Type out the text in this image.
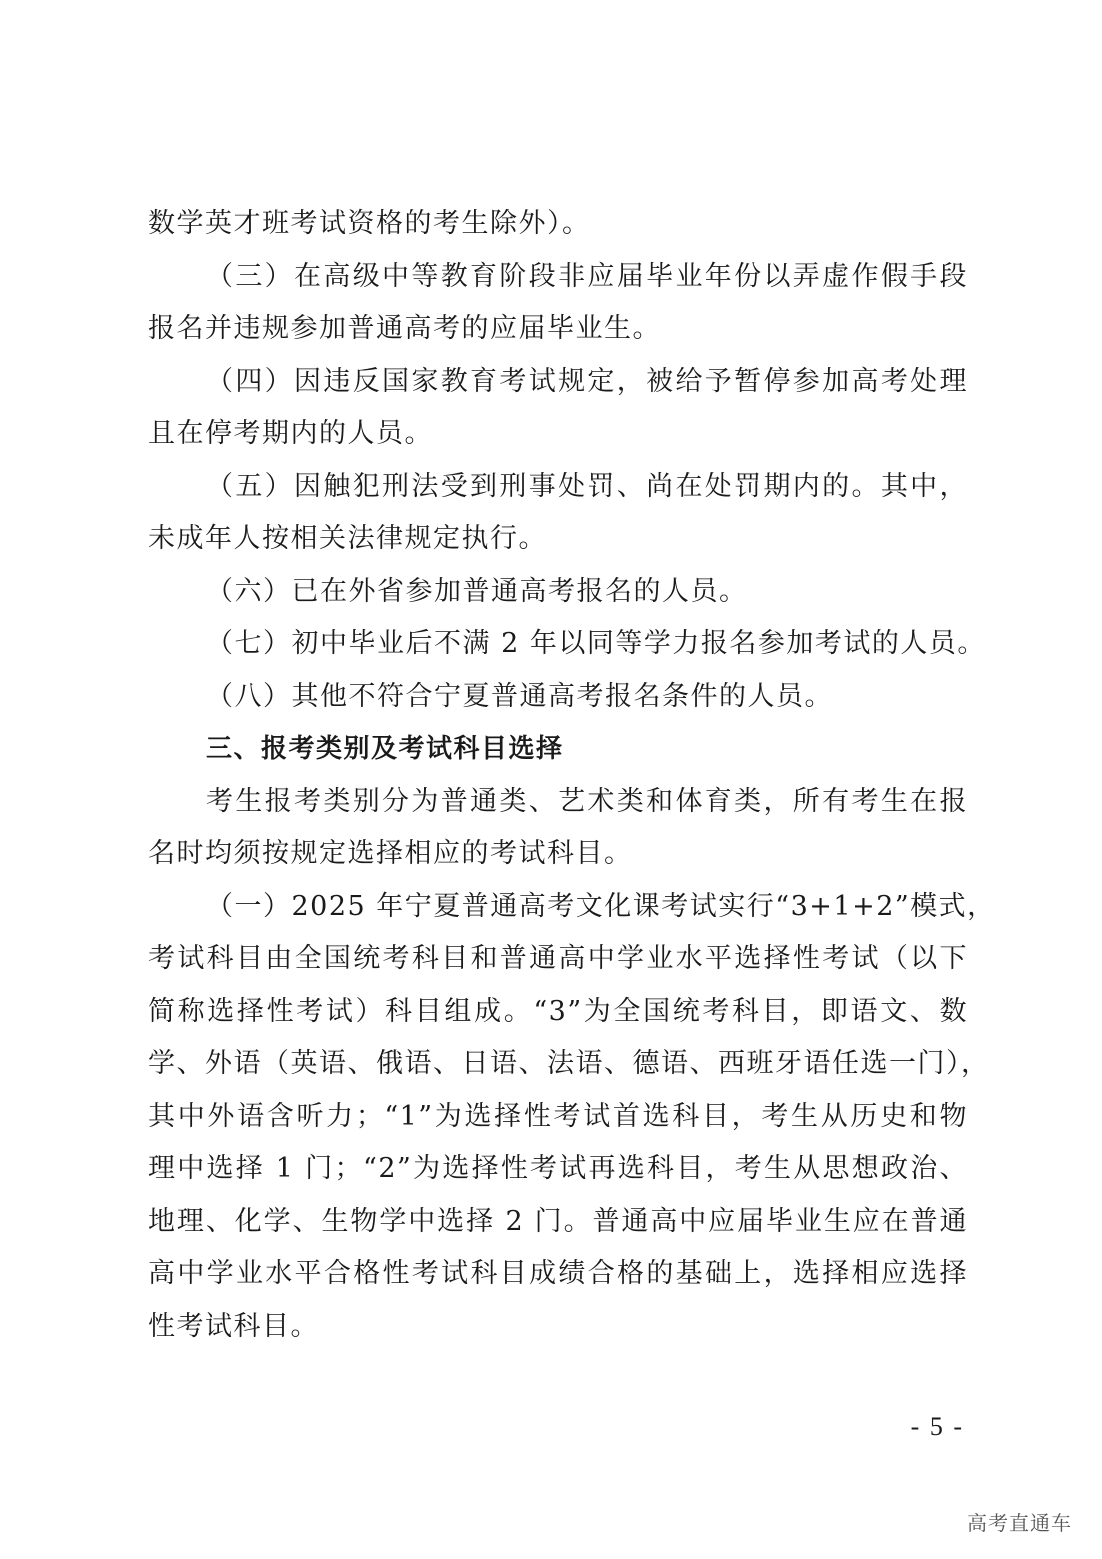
数学英才班考试资格的考生除外）。
（三）在高级中等教育阶段非应届毕业年份以弄虚作假手段
报名并违规参加普通高考的应届毕业生。
（四）因违反国家教育考试规定，被给予暂停参加高考处理
且在停考期内的人员。
（五）因触犯刑法受到刑事处罚、尚在处罚期内的。其中，
未成年人按相关法律规定执行。
（六）已在外省参加普通高考报名的人员。
（七）初中毕业后不满 2 年以同等学力报名参加考试的人员。
（八）其他不符合宁夏普通高考报名条件的人员。
三、报考类别及考试科目选择
考生报考类别分为普通类、艺术类和体育类，所有考生在报
名时均须按规定选择相应的考试科目。
（一）2025 年宁夏普通高考文化课考试实行“3+1+2”模式，
考试科目由全国统考科目和普通高中学业水平选择性考试（以下
简称选择性考试）科目组成。“3”为全国统考科目，即语文、数
学、外语（英语、俄语、日语、法语、德语、西班牙语任选一门），
其中外语含听力；“1”为选择性考试首选科目，考生从历史和物
理中选择 1 门；“2”为选择性考试再选科目，考生从思想政治、
地理、化学、生物学中选择 2 门。普通高中应届毕业生应在普通
高中学业水平合格性考试科目成绩合格的基础上，选择相应选择
性考试科目。
- 5 -
高考直通车
